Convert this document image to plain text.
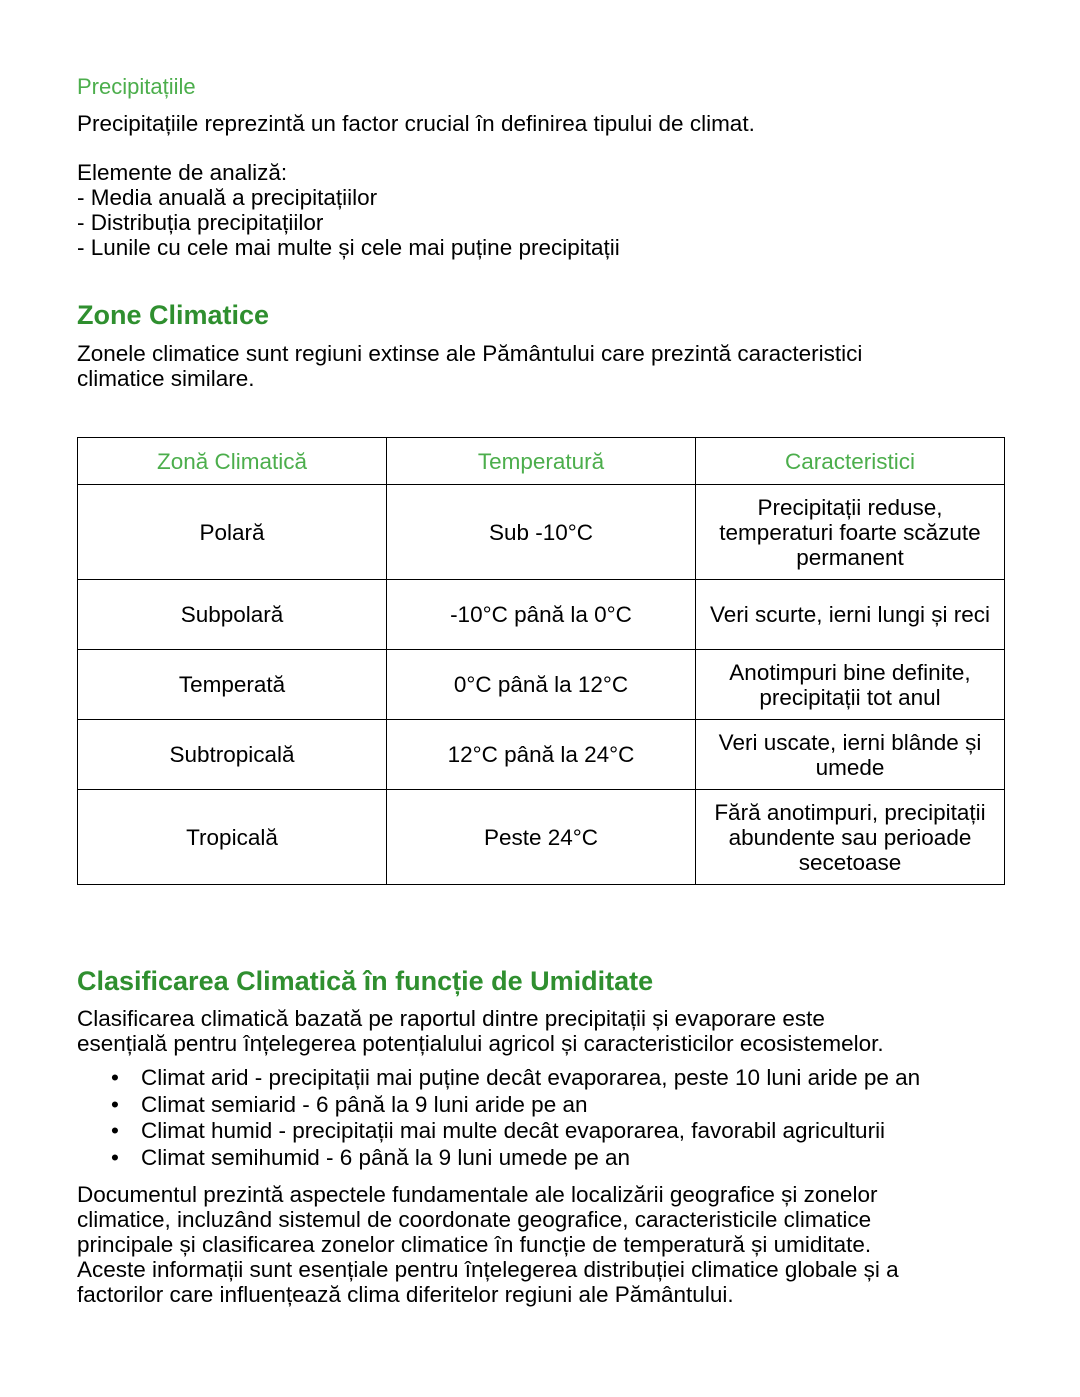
Precipitațiile

Precipitațiile reprezintă un factor crucial în definirea tipului de climat.

Elemente de analiză:

- Media anuală a precipitațiilor

- Distribuția precipitațiilor

- Lunile cu cele mai multe și cele mai puține precipitații

Zone Climatice

Zonele climatice sunt regiuni extinse ale Pământului care prezintă caracteristici

climatice similare.

Zonă Climatică	Temperatură	Caracteristici
Polară	Sub -10°C	Precipitații reduse, temperaturi foarte scăzute permanent
Subpolară	-10°C până la 0°C	Veri scurte, ierni lungi și reci
Temperată	0°C până la 12°C	Anotimpuri bine definite, precipitații tot anul
Subtropicală	12°C până la 24°C	Veri uscate, ierni blânde și umede
Tropicală	Peste 24°C	Fără anotimpuri, precipitații abundente sau perioade secetoase
Clasificarea Climatică în funcție de Umiditate

Clasificarea climatică bazată pe raportul dintre precipitații și evaporare este

esențială pentru înțelegerea potențialului agricol și caracteristicilor ecosistemelor.

• Climat arid - precipitații mai puține decât evaporarea, peste 10 luni aride pe an
• Climat semiarid - 6 până la 9 luni aride pe an
• Climat humid - precipitații mai multe decât evaporarea, favorabil agriculturii
• Climat semihumid - 6 până la 9 luni umede pe an

Documentul prezintă aspectele fundamentale ale localizării geografice și zonelor

climatice, incluzând sistemul de coordonate geografice, caracteristicile climatice

principale și clasificarea zonelor climatice în funcție de temperatură și umiditate.

Aceste informații sunt esențiale pentru înțelegerea distribuției climatice globale și a

factorilor care influențează clima diferitelor regiuni ale Pământului.
